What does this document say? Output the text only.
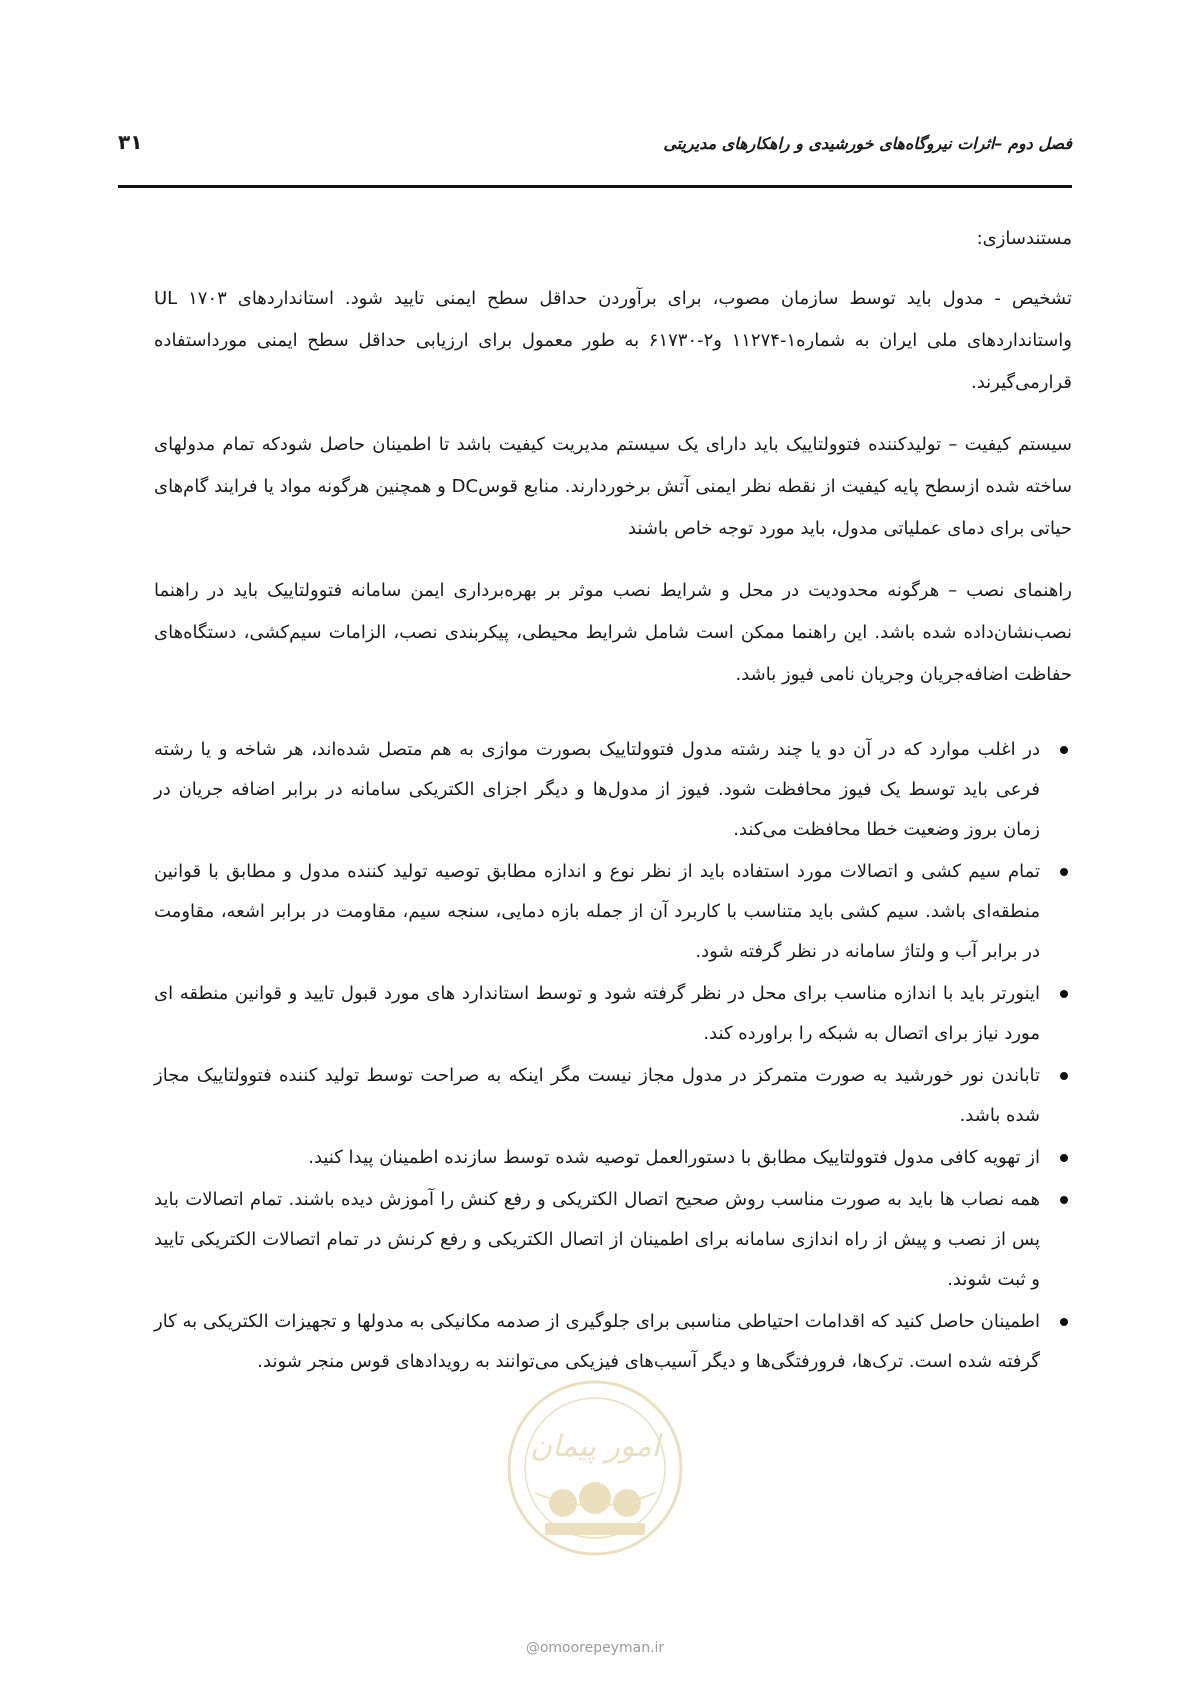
فصل دوم –اثرات نیروگاه‌های خورشیدی و راهکارهای مدیریتی
۳۱

مستندسازی:

تشخیص - مدول باید توسط سازمان مصوب، برای برآوردن حداقل سطح ایمنی تایید شود. استانداردهای UL ۱۷۰۳ واستانداردهای ملی ایران به شماره۱-۱۱۲۷۴ و۲-۶۱۷۳۰ به طور معمول برای ارزیابی حداقل سطح ایمنی مورداستفاده قرارمی‌گیرند.

سیستم کیفیت – تولیدکننده فتوولتاییک باید دارای یک سیستم مدیریت کیفیت باشد تا اطمینان حاصل شودکه تمام مدولهای ساخته شده ازسطح پایه کیفیت از نقطه نظر ایمنی آتش برخوردارند. منابع قوسDC و همچنین هرگونه مواد یا فرایند گام‌های حیاتی برای دمای عملیاتی مدول، باید مورد توجه خاص باشند

راهنمای نصب – هرگونه محدودیت در محل و شرایط نصب موثر بر بهره‌برداری ایمن سامانه فتوولتاییک باید در راهنما نصب‌نشان‌داده شده باشد. این راهنما ممکن است شامل شرایط محیطی، پیکربندی نصب، الزامات سیم‌کشی، دستگاه‌های حفاظت اضافه‌جریان وجریان نامی فیوز باشد.

در اغلب موارد که در آن دو یا چند رشته مدول فتوولتاییک بصورت موازی به هم متصل شده‌اند، هر شاخه و یا رشته فرعی باید توسط یک فیوز محافظت شود. فیوز از مدول‌ها و دیگر اجزای الکتریکی سامانه در برابر اضافه جریان در زمان بروز وضعیت خطا محافظت می‌کند.
تمام سیم کشی و اتصالات مورد استفاده باید از نظر نوع و اندازه مطابق توصیه تولید کننده مدول و مطابق با قوانین منطقه‌ای باشد. سیم کشی باید متناسب با کاربرد آن از جمله بازه دمایی، سنجه سیم، مقاومت در برابر اشعه، مقاومت در برابر آب و ولتاژ سامانه در نظر گرفته شود.
اینورتر باید با اندازه مناسب برای محل در نظر گرفته شود و توسط استاندارد های مورد قبول تایید و قوانین منطقه ای مورد نیاز برای اتصال به شبکه را براورده کند.
تاباندن نور خورشید به صورت متمرکز در مدول مجاز نیست مگر اینکه به صراحت توسط تولید کننده فتوولتاییک مجاز شده باشد.
از تهویه کافی مدول فتوولتاییک مطابق با دستورالعمل توصیه شده توسط سازنده اطمینان پیدا کنید.
همه نصاب ها باید به صورت مناسب روش صحیح اتصال الکتریکی و رفع کنش را آموزش دیده باشند. تمام اتصالات باید پس از نصب و پیش از راه اندازی سامانه برای اطمینان از اتصال الکتریکی و رفع کرنش در تمام اتصالات الکتریکی تایید و ثبت شوند.
اطمینان حاصل کنید که اقدامات احتیاطی مناسبی برای جلوگیری از صدمه مکانیکی به مدولها و تجهیزات الکتریکی به کار گرفته شده است. ترک‌ها، فرورفتگی‌ها و دیگر آسیب‌های فیزیکی می‌توانند به رویدادهای قوس منجر شوند.
امور پیمان
@omoorepeyman.ir
